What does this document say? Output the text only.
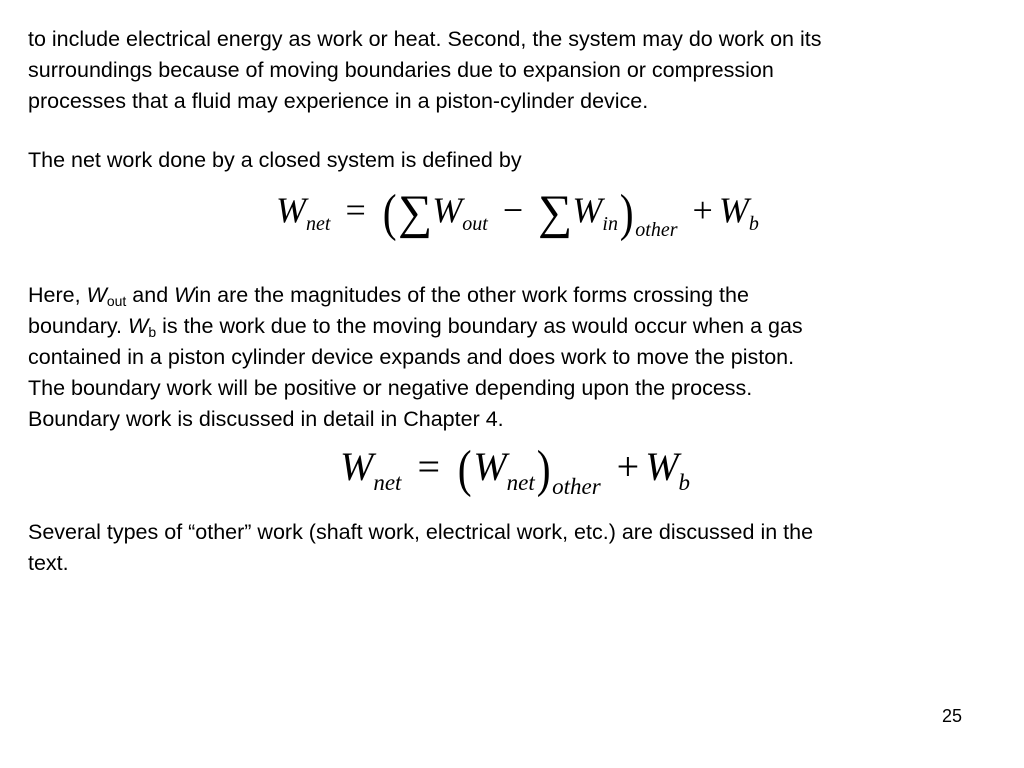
to include electrical energy as work or heat. Second, the system may do work on its
surroundings because of moving boundaries due to expansion or compression
processes that a fluid may experience in a piston-cylinder device.

The net work done by a closed system is defined by

Wnet = (∑Wout − ∑Win)other + Wb

Here, $W_{out}$ and Win are the magnitudes of the other work forms crossing the
boundary. $W_b$ is the work due to the moving boundary as would occur when a gas
contained in a piston cylinder device expands and does work to move the piston.
The boundary work will be positive or negative depending upon the process.
Boundary work is discussed in detail in Chapter 4.

Wnet = (Wnet)other + Wb

Several types of “other” work (shaft work, electrical work, etc.) are discussed in the
text.

25
